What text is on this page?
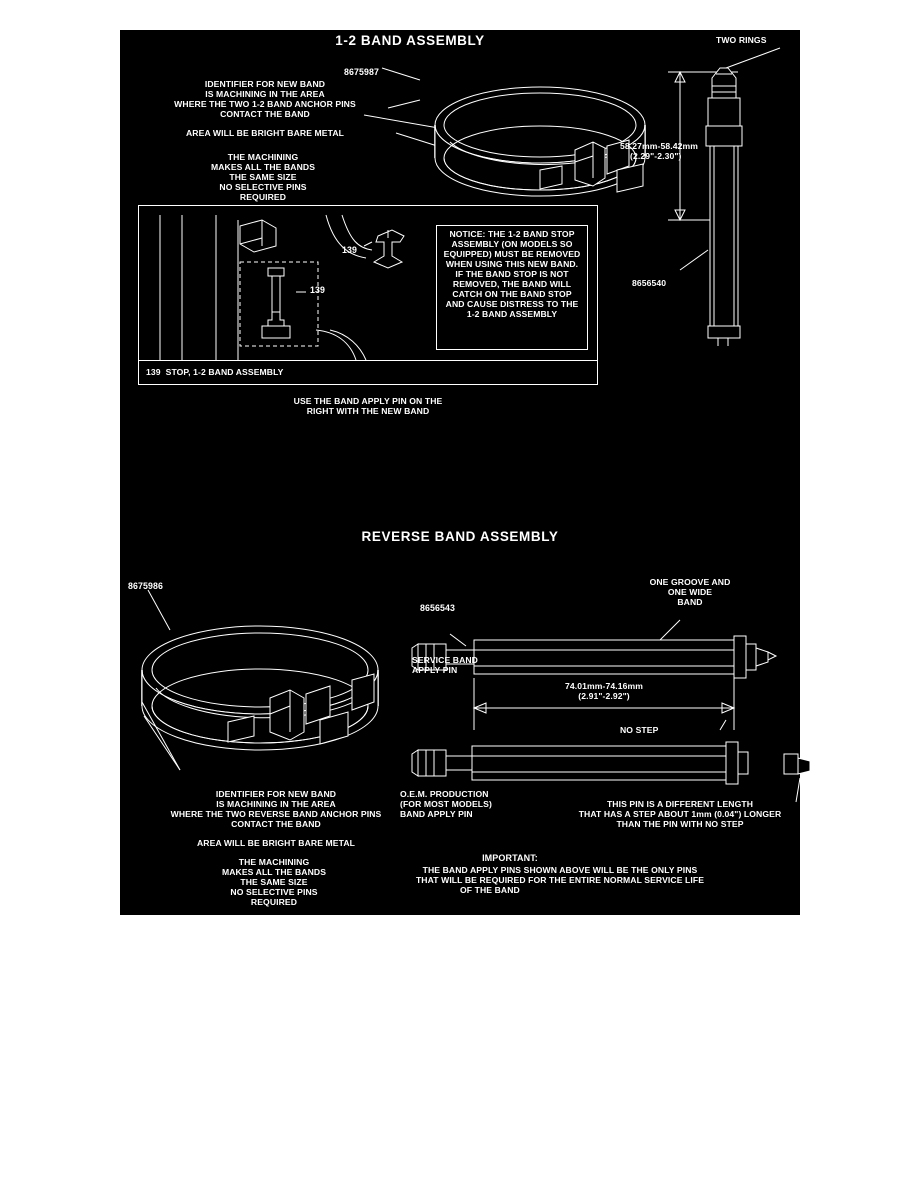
1-2 BAND ASSEMBLY
8675987
IDENTIFIER FOR NEW BAND
IS MACHINING IN THE AREA
WHERE THE TWO 1-2 BAND ANCHOR PINS
CONTACT THE BAND
AREA WILL BE BRIGHT BARE METAL
THE MACHINING
MAKES ALL THE BANDS
THE SAME SIZE
NO SELECTIVE PINS
REQUIRED
TWO RINGS
58.27mm-58.42mm
(2.29"-2.30")
8656540
139
139
NOTICE: THE 1-2 BAND STOP
ASSEMBLY (ON MODELS SO
EQUIPPED) MUST BE REMOVED
WHEN USING THIS NEW BAND.
IF THE BAND STOP IS NOT
REMOVED, THE BAND WILL
CATCH ON THE BAND STOP
AND CAUSE DISTRESS TO THE
1-2 BAND ASSEMBLY
139  STOP, 1-2 BAND ASSEMBLY
USE THE BAND APPLY PIN ON THE
RIGHT WITH THE NEW BAND
REVERSE BAND ASSEMBLY
8675986
8656543
ONE GROOVE AND
ONE WIDE
BAND
SERVICE BAND
APPLY PIN
74.01mm-74.16mm
(2.91"-2.92")
NO STEP
O.E.M. PRODUCTION
(FOR MOST MODELS)
BAND APPLY PIN
THIS PIN IS A DIFFERENT LENGTH
THAT HAS A STEP ABOUT 1mm (0.04") LONGER
THAN THE PIN WITH NO STEP
IDENTIFIER FOR NEW BAND
IS MACHINING IN THE AREA
WHERE THE TWO REVERSE BAND ANCHOR PINS
CONTACT THE BAND
AREA WILL BE BRIGHT BARE METAL
THE MACHINING
MAKES ALL THE BANDS
THE SAME SIZE
NO SELECTIVE PINS
REQUIRED
IMPORTANT:
THE BAND APPLY PINS SHOWN ABOVE WILL BE THE ONLY PINS
THAT WILL BE REQUIRED FOR THE ENTIRE NORMAL SERVICE LIFE
OF THE BAND
